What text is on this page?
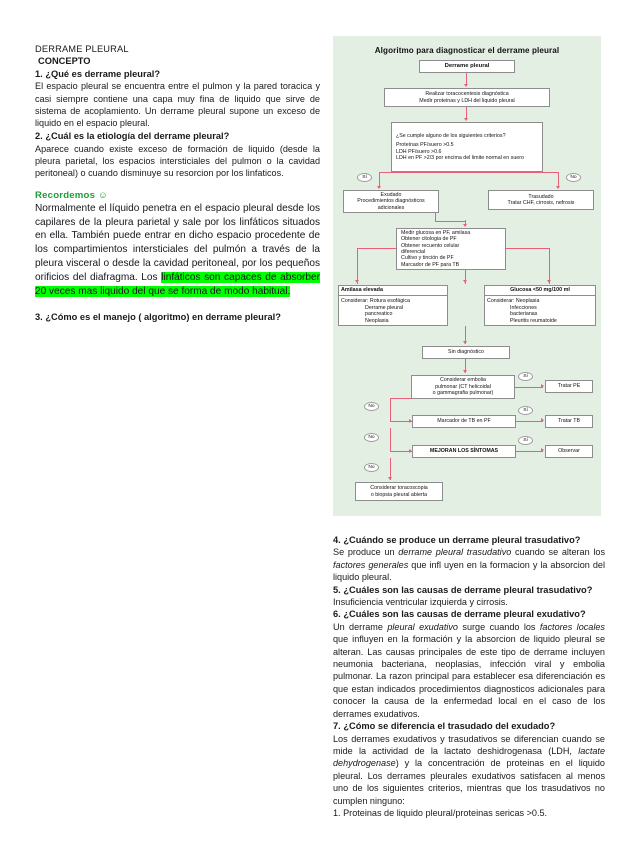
DERRAME PLEURAL
CONCEPTO
1. ¿Qué es derrame pleural?
El espacio pleural se encuentra entre el pulmon y la pared toracica y casi siempre contiene una capa muy fina de liquido que sirve de sistema de acoplamiento. Un derrame pleural supone un exceso de liquido en el espacio pleural.
2. ¿Cuál es la etiología del derrame pleural?
Aparece cuando existe exceso de formación de liquido (desde la pleura parietal, los espacios intersticiales del pulmon o la cavidad peritoneal) o cuando disminuye su resorcion por los linfaticos.
Recordemos ☺
Normalmente el líquido penetra en el espacio pleural desde los capilares de la pleura parietal y sale por los linfáticos situados en ella. También puede entrar en dicho espacio procedente de los compartimientos intersticiales del pulmón a través de la pleura visceral o desde la cavidad peritoneal, por los pequeños orificios del diafragma. Los linfáticos son capaces de absorber 20 veces mas liquido del que se forma de modo habitual.
3. ¿Cómo es el manejo ( algoritmo) en derrame pleural?
Algoritmo para diagnosticar el derrame pleural
Derrame pleural
Realizar toracocentesis diagnóstica
Medir proteinas y LDH del liquido pleural
¿Se cumple alguno de los siguientes criterios?
Proteínas PF/suero >0.5
LDH PF/suero >0.6
LDH en PF >2/3 por encima del limite normal en suero
Sí	No
Exudado
Procedimientos diagnósticos
adicionales
Trasudado
Tratar CHF, cirrosis, nefrosis
Medir glucosa en PF, amilasa
Obtener citologia de PF
Obtener recuento celular
diferencial
Cultivo y tinción de PF
Marcador de PF para TB
Amilasa elevada
Considerar: Rotura esofágica
Derrame pleural
pancreatico
Neoplasia
Glucosa <50 mg/100 ml
Considerar: Neoplasia
Infecciones
bacterianas
Pleuritis reumatoide
Sin diagnóstico
Considerar embolia
pulmonar (CT helicoidal
o gammagrafia pulmonar)
Sí
Tratar PE
No
Marcador de TB en PF
Sí
Tratar TB
No
MEJORAN LOS SÍNTOMAS
Sí
Observar
No
Considerar toracoscopia
o biopsia pleural abierta
4. ¿Cuándo se produce un derrame pleural trasudativo?
Se produce un derrame pleural trasudativo cuando se alteran los factores generales que infl uyen en la formacion y la absorcion del liquido pleural.
5. ¿Cuáles son las causas de derrame pleural trasudativo?
Insuficiencia ventricular izquierda y cirrosis.
6. ¿Cuáles son las causas de derrame pleural exudativo?
Un derrame pleural exudativo surge cuando los factores locales que influyen en la formación y la absorcion de liquido pleural se alteran. Las causas principales de este tipo de derrame incluyen neumonia bacteriana, neoplasias, infección viral y embolia pulmonar. La razon principal para establecer esa diferenciación es que estan indicados procedimientos diagnosticos adicionales para conocer la causa de la enfermedad local en el caso de los derrames exudativos.
7. ¿Cómo se diferencia el trasudado del exudado?
Los derrames exudativos y trasudativos se diferencian cuando se mide la actividad de la lactato deshidrogenasa (LDH, lactate dehydrogenase) y la concentración de proteinas en el liquido pleural. Los derrames pleurales exudativos satisfacen al menos uno de los siguientes criterios, mientras que los trasudativos no cumplen ninguno:
1. Proteinas de liquido pleural/proteinas sericas >0.5.
